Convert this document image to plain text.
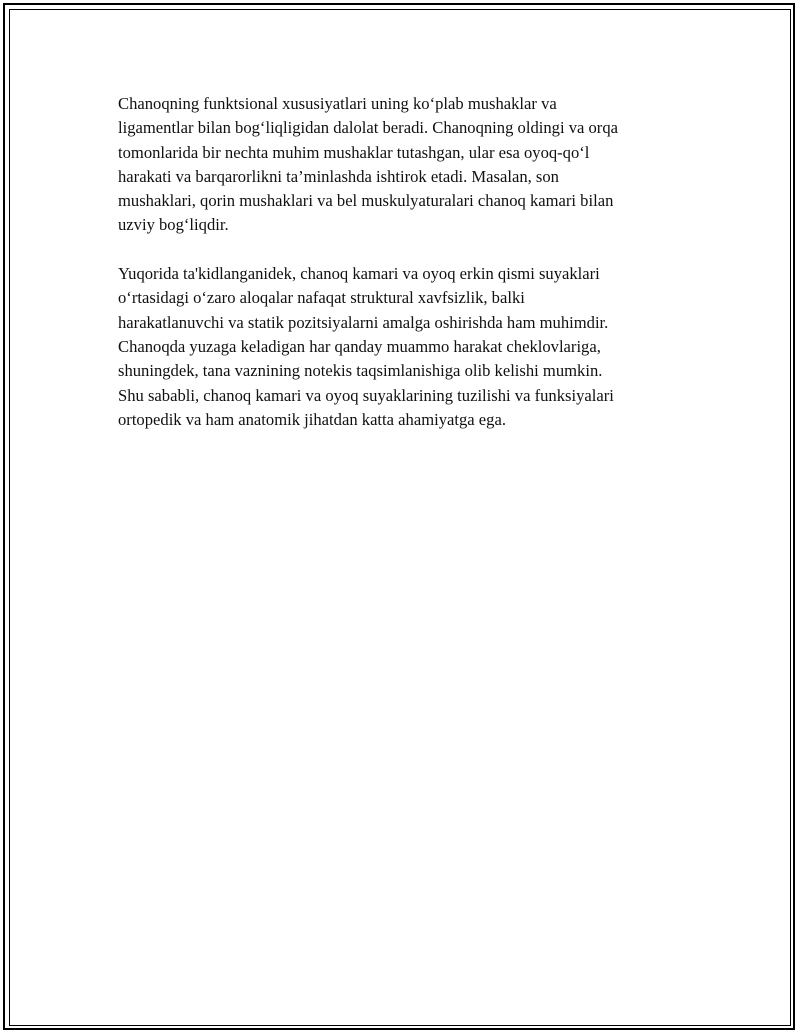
Chanoqning funktsional xususiyatlari uning ko‘plab mushaklar va
ligamentlar bilan bog‘liqligidan dalolat beradi. Chanoqning oldingi va orqa
tomonlarida bir nechta muhim mushaklar tutashgan, ular esa oyoq-qo‘l
harakati va barqarorlikni ta’minlashda ishtirok etadi. Masalan, son
mushaklari, qorin mushaklari va bel muskulyaturalari chanoq kamari bilan
uzviy bog‘liqdir.

Yuqorida ta'kidlanganidek, chanoq kamari va oyoq erkin qismi suyaklari
o‘rtasidagi o‘zaro aloqalar nafaqat struktural xavfsizlik, balki
harakatlanuvchi va statik pozitsiyalarni amalga oshirishda ham muhimdir.
Chanoqda yuzaga keladigan har qanday muammo harakat cheklovlariga,
shuningdek, tana vaznining notekis taqsimlanishiga olib kelishi mumkin.
Shu sababli, chanoq kamari va oyoq suyaklarining tuzilishi va funksiyalari
ortopedik va ham anatomik jihatdan katta ahamiyatga ega.
